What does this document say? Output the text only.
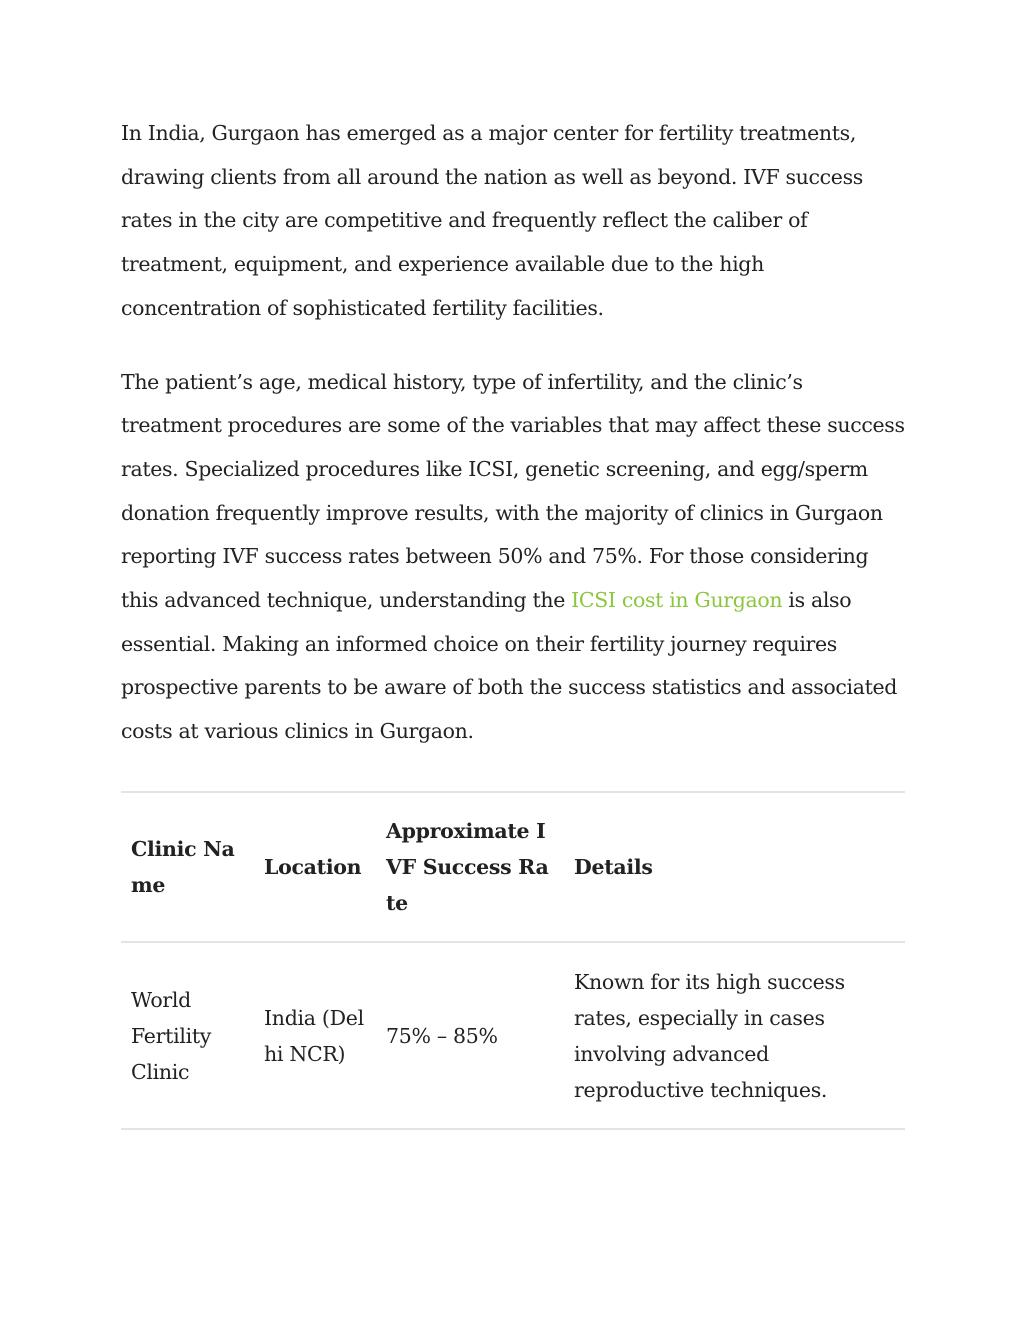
In India, Gurgaon has emerged as a major center for fertility treatments, drawing clients from all around the nation as well as beyond. IVF success rates in the city are competitive and frequently reflect the caliber of treatment, equipment, and experience available due to the high concentration of sophisticated fertility facilities.

The patient’s age, medical history, type of infertility, and the clinic’s treatment procedures are some of the variables that may affect these success rates. Specialized procedures like ICSI, genetic screening, and egg/sperm donation frequently improve results, with the majority of clinics in Gurgaon reporting IVF success rates between 50% and 75%. For those considering this advanced technique, understanding the ICSI cost in Gurgaon is also essential. Making an informed choice on their fertility journey requires prospective parents to be aware of both the success statistics and associated costs at various clinics in Gurgaon.

Clinic Name	Location	Approximate IVF Success Rate	Details
World Fertility Clinic	India (Delhi NCR)	75% – 85%	Known for its high success rates, especially in cases involving advanced reproductive techniques.
